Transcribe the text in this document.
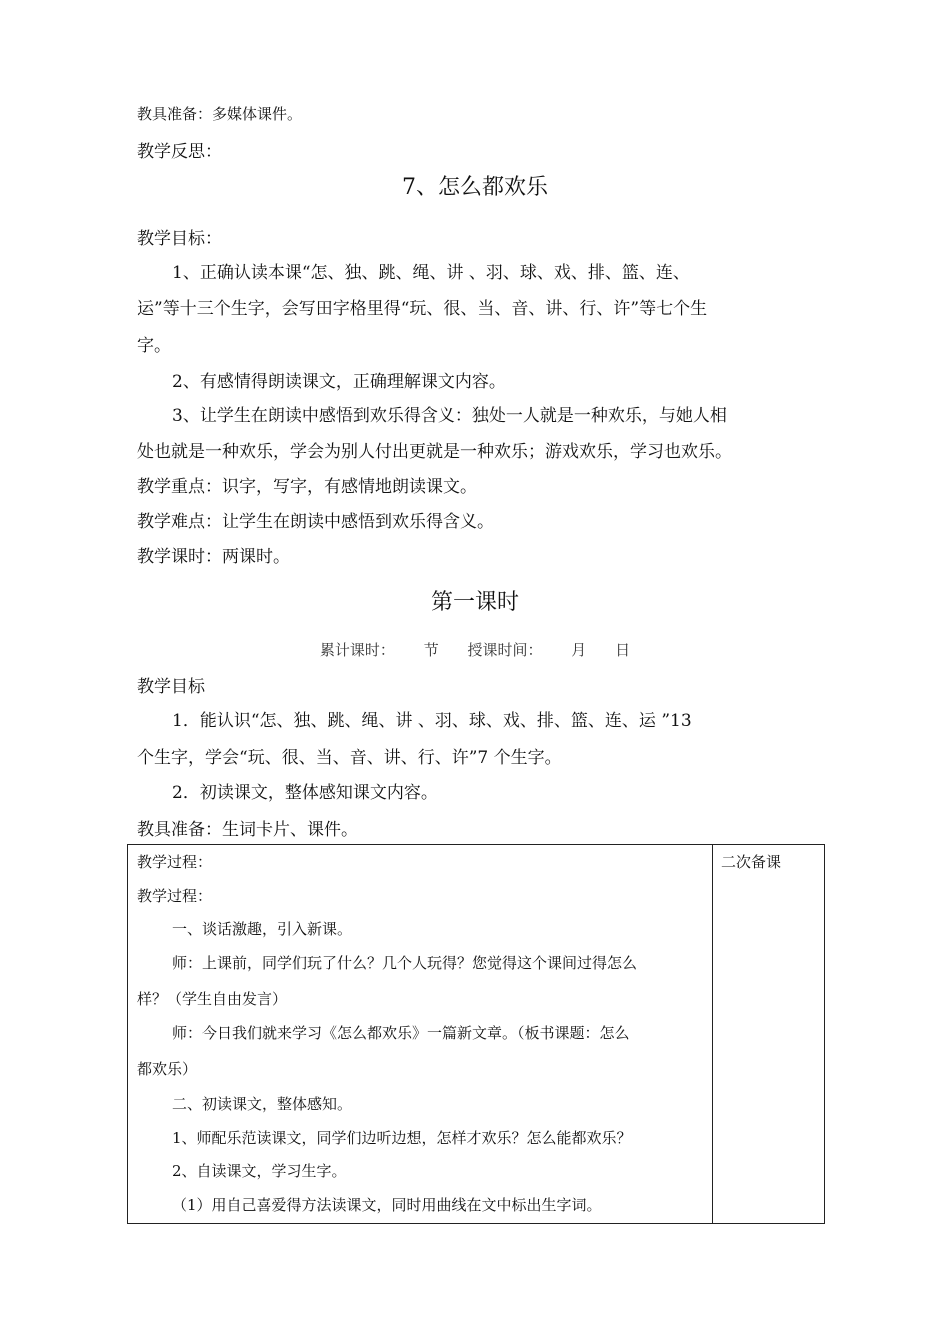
教具准备：多媒体课件。
教学反思：
7、怎么都欢乐
教学目标：
1、正确认读本课“怎、独、跳、绳、讲 、羽、球、戏、排、篮、连、
运”等十三个生字，会写田字格里得“玩、很、当、音、讲、行、许”等七个生
字。
2、有感情得朗读课文，正确理解课文内容。
3、让学生在朗读中感悟到欢乐得含义：独处一人就是一种欢乐，与她人相
处也就是一种欢乐，学会为别人付出更就是一种欢乐；游戏欢乐，学习也欢乐。
教学重点：识字，写字，有感情地朗读课文。
教学难点：让学生在朗读中感悟到欢乐得含义。
教学课时：两课时。
第一课时
累计课时： 节 授课时间： 月 日
教学目标
1．能认识“怎、独、跳、绳、讲 、羽、球、戏、排、篮、连、运 ”13
个生字，学会“玩、很、当、音、讲、行、许”7 个生字。
2．初读课文，整体感知课文内容。
教具准备：生词卡片、课件。
教学过程：
教学过程：
一、谈话激趣，引入新课。
师：上课前，同学们玩了什么？几个人玩得？您觉得这个课间过得怎么
样？（学生自由发言）
师：今日我们就来学习《怎么都欢乐》一篇新文章。（板书课题：怎么
都欢乐）
二、初读课文，整体感知。
1、师配乐范读课文，同学们边听边想，怎样才欢乐？怎么能都欢乐？
2、自读课文，学习生字。
（1）用自己喜爱得方法读课文，同时用曲线在文中标出生字词。

二次备课
